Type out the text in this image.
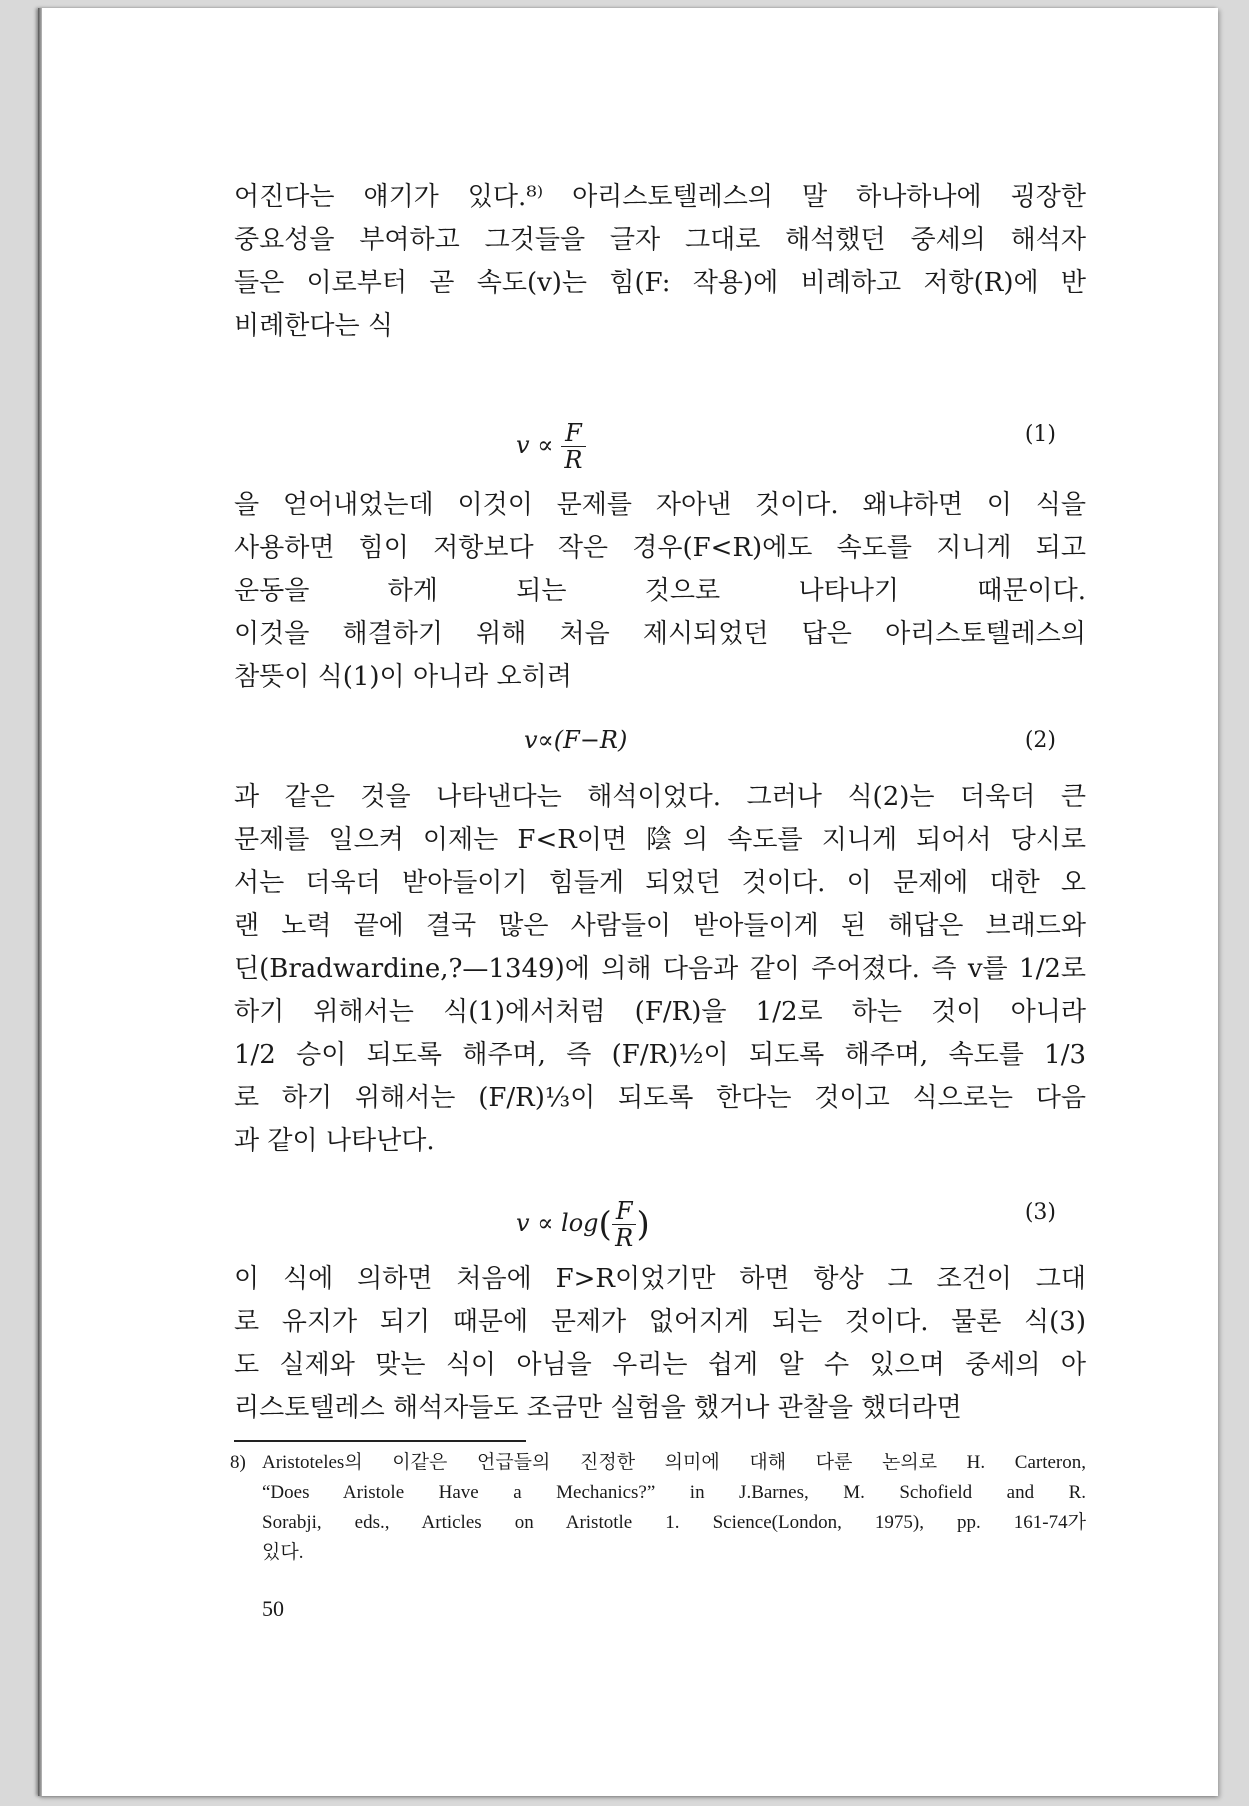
어진다는 얘기가 있다.⁸⁾ 아리스토텔레스의 말 하나하나에 굉장한
중요성을 부여하고 그것들을 글자 그대로 해석했던 중세의 해석자
들은 이로부터 곧 속도(v)는 힘(F: 작용)에 비례하고 저항(R)에 반
비례한다는 식
$v \propto \frac{F}{R}$	(1)
을 얻어내었는데 이것이 문제를 자아낸 것이다. 왜냐하면 이 식을
사용하면 힘이 저항보다 작은 경우(F<R)에도 속도를 지니게 되고
운동을 하게 되는 것으로 나타나기 때문이다.
이것을 해결하기 위해 처음 제시되었던 답은 아리스토텔레스의
참뜻이 식(1)이 아니라 오히려
v∝(F−R)	(2)
과 같은 것을 나타낸다는 해석이었다. 그러나 식(2)는 더욱더 큰
문제를 일으켜 이제는 F<R이면 陰의 속도를 지니게 되어서 당시로
서는 더욱더 받아들이기 힘들게 되었던 것이다. 이 문제에 대한 오
랜 노력 끝에 결국 많은 사람들이 받아들이게 된 해답은 브래드와
딘(Bradwardine,?—1349)에 의해 다음과 같이 주어졌다. 즉 v를 1/2로
하기 위해서는 식(1)에서처럼 (F/R)을 1/2로 하는 것이 아니라
1/2 승이 되도록 해주며, 즉 (F/R)½이 되도록 해주며, 속도를 1/3
로 하기 위해서는 (F/R)⅓이 되도록 한다는 것이고 식으로는 다음
과 같이 나타난다.
$v \propto \log( \frac{F}{R}$ )	(3)
이 식에 의하면 처음에 F>R이었기만 하면 항상 그 조건이 그대
로 유지가 되기 때문에 문제가 없어지게 되는 것이다. 물론 식(3)
도 실제와 맞는 식이 아님을 우리는 쉽게 알 수 있으며 중세의 아
리스토텔레스 해석자들도 조금만 실험을 했거나 관찰을 했더라면
8) Aristoteles의 이같은 언급들의 진정한 의미에 대해 다룬 논의로 H. Carteron,
“Does Aristole Have a Mechanics?” in J.Barnes, M. Schofield and R.
Sorabji, eds., Articles on Aristotle 1. Science(London, 1975), pp. 161-74가
있다.
50
